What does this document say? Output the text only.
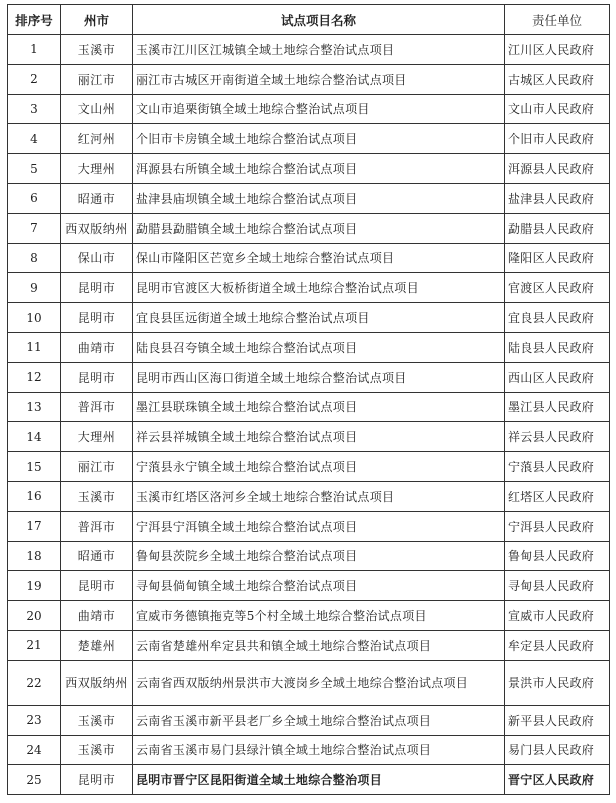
排序号	州市	试点项目名称	责任单位
1	玉溪市	玉溪市江川区江城镇全域土地综合整治试点项目	江川区人民政府
2	丽江市	丽江市古城区开南街道全域土地综合整治试点项目	古城区人民政府
3	文山州	文山市追栗街镇全域土地综合整治试点项目	文山市人民政府
4	红河州	个旧市卡房镇全域土地综合整治试点项目	个旧市人民政府
5	大理州	洱源县右所镇全域土地综合整治试点项目	洱源县人民政府
6	昭通市	盐津县庙坝镇全域土地综合整治试点项目	盐津县人民政府
7	西双版纳州	勐腊县勐腊镇全域土地综合整治试点项目	勐腊县人民政府
8	保山市	保山市隆阳区芒宽乡全域土地综合整治试点项目	隆阳区人民政府
9	昆明市	昆明市官渡区大板桥街道全域土地综合整治试点项目	官渡区人民政府
10	昆明市	宜良县匡远街道全域土地综合整治试点项目	宜良县人民政府
11	曲靖市	陆良县召夸镇全域土地综合整治试点项目	陆良县人民政府
12	昆明市	昆明市西山区海口街道全域土地综合整治试点项目	西山区人民政府
13	普洱市	墨江县联珠镇全域土地综合整治试点项目	墨江县人民政府
14	大理州	祥云县祥城镇全域土地综合整治试点项目	祥云县人民政府
15	丽江市	宁蒗县永宁镇全域土地综合整治试点项目	宁蒗县人民政府
16	玉溪市	玉溪市红塔区洛河乡全域土地综合整治试点项目	红塔区人民政府
17	普洱市	宁洱县宁洱镇全域土地综合整治试点项目	宁洱县人民政府
18	昭通市	鲁甸县茨院乡全域土地综合整治试点项目	鲁甸县人民政府
19	昆明市	寻甸县倘甸镇全域土地综合整治试点项目	寻甸县人民政府
20	曲靖市	宣威市务德镇拖克等5个村全域土地综合整治试点项目	宣威市人民政府
21	楚雄州	云南省楚雄州牟定县共和镇全域土地综合整治试点项目	牟定县人民政府
22	西双版纳州	云南省西双版纳州景洪市大渡岗乡全域土地综合整治试点项目	景洪市人民政府
23	玉溪市	云南省玉溪市新平县老厂乡全域土地综合整治试点项目	新平县人民政府
24	玉溪市	云南省玉溪市易门县绿汁镇全域土地综合整治试点项目	易门县人民政府
25	昆明市	昆明市晋宁区昆阳街道全域土地综合整治项目	晋宁区人民政府
